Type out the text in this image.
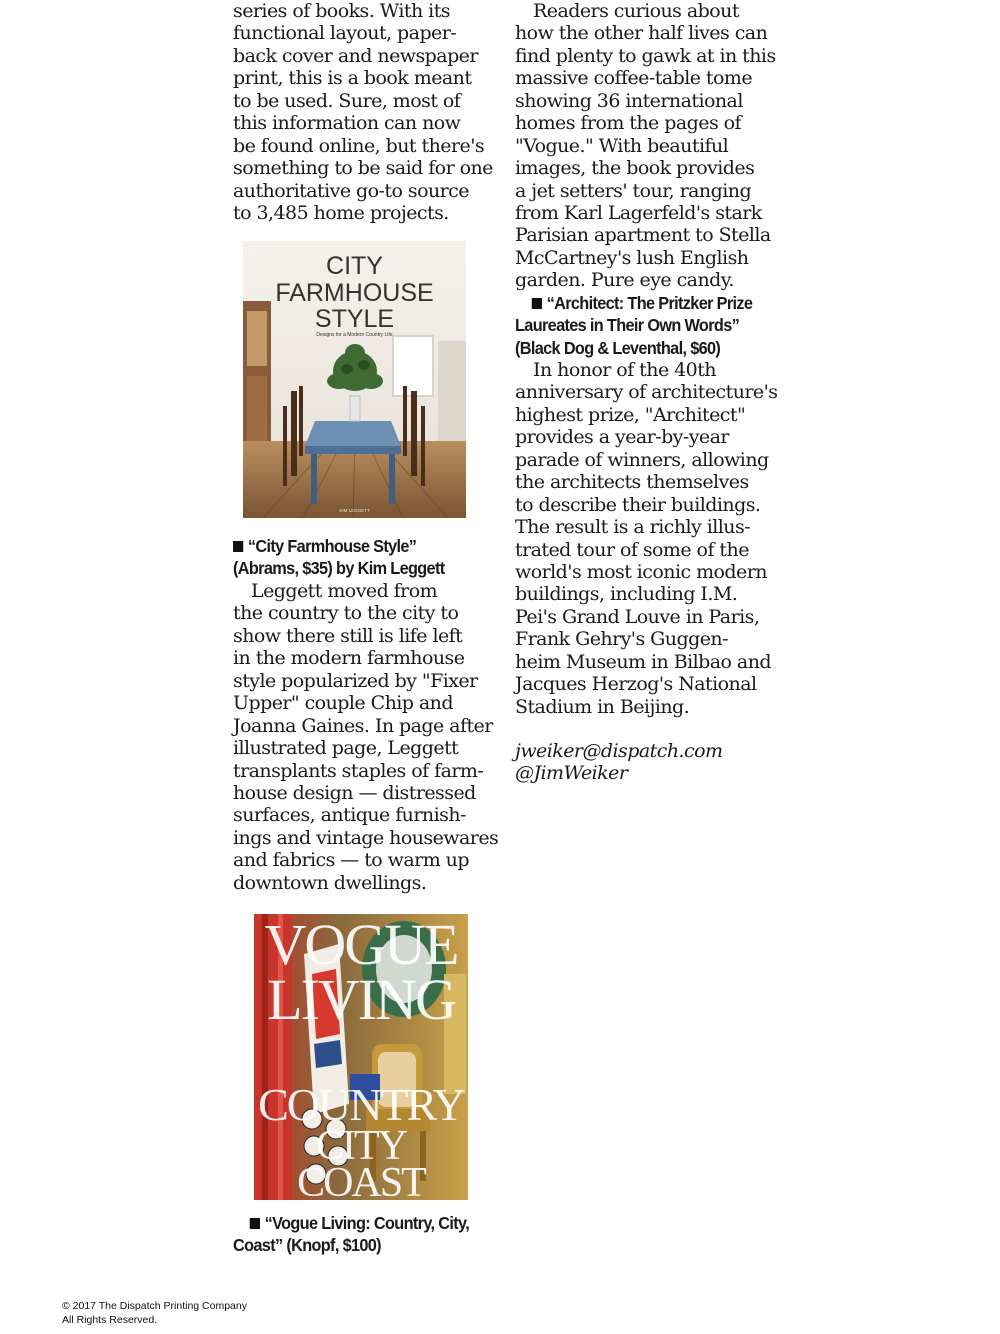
series of books. With its
functional layout, paper-
back cover and newspaper
print, this is a book meant
to be used. Sure, most of
this information can now
be found online, but there's
something to be said for one
authoritative go-to source
to 3,485 home projects.
CITY
FARMHOUSE
STYLE
Designs for a Modern Country Life
KIM LEGGETT
“City Farmhouse Style”
(Abrams, $35) by Kim Leggett
Leggett moved from
the country to the city to
show there still is life left
in the modern farmhouse
style popularized by "Fixer
Upper" couple Chip and
Joanna Gaines. In page after
illustrated page, Leggett
transplants staples of farm-
house design — distressed
surfaces, antique furnish-
ings and vintage housewares
and fabrics — to warm up
downtown dwellings.
VOGUE
LIVING
COUNTRY
CITY
COAST
“Vogue Living: Country, City,
Coast” (Knopf, $100)
Readers curious about
how the other half lives can
find plenty to gawk at in this
massive coffee-table tome
showing 36 international
homes from the pages of
"Vogue." With beautiful
images, the book provides
a jet setters' tour, ranging
from Karl Lagerfeld's stark
Parisian apartment to Stella
McCartney's lush English
garden. Pure eye candy.
“Architect: The Pritzker Prize
Laureates in Their Own Words”
(Black Dog & Leventhal, $60)
In honor of the 40th
anniversary of architecture's
highest prize, "Architect"
provides a year-by-year
parade of winners, allowing
the architects themselves
to describe their buildings.
The result is a richly illus-
trated tour of some of the
world's most iconic modern
buildings, including I.M.
Pei's Grand Louve in Paris,
Frank Gehry's Guggen-
heim Museum in Bilbao and
Jacques Herzog's National
Stadium in Beijing.
jweiker@dispatch.com
@JimWeiker
© 2017 The Dispatch Printing Company
All Rights Reserved.
